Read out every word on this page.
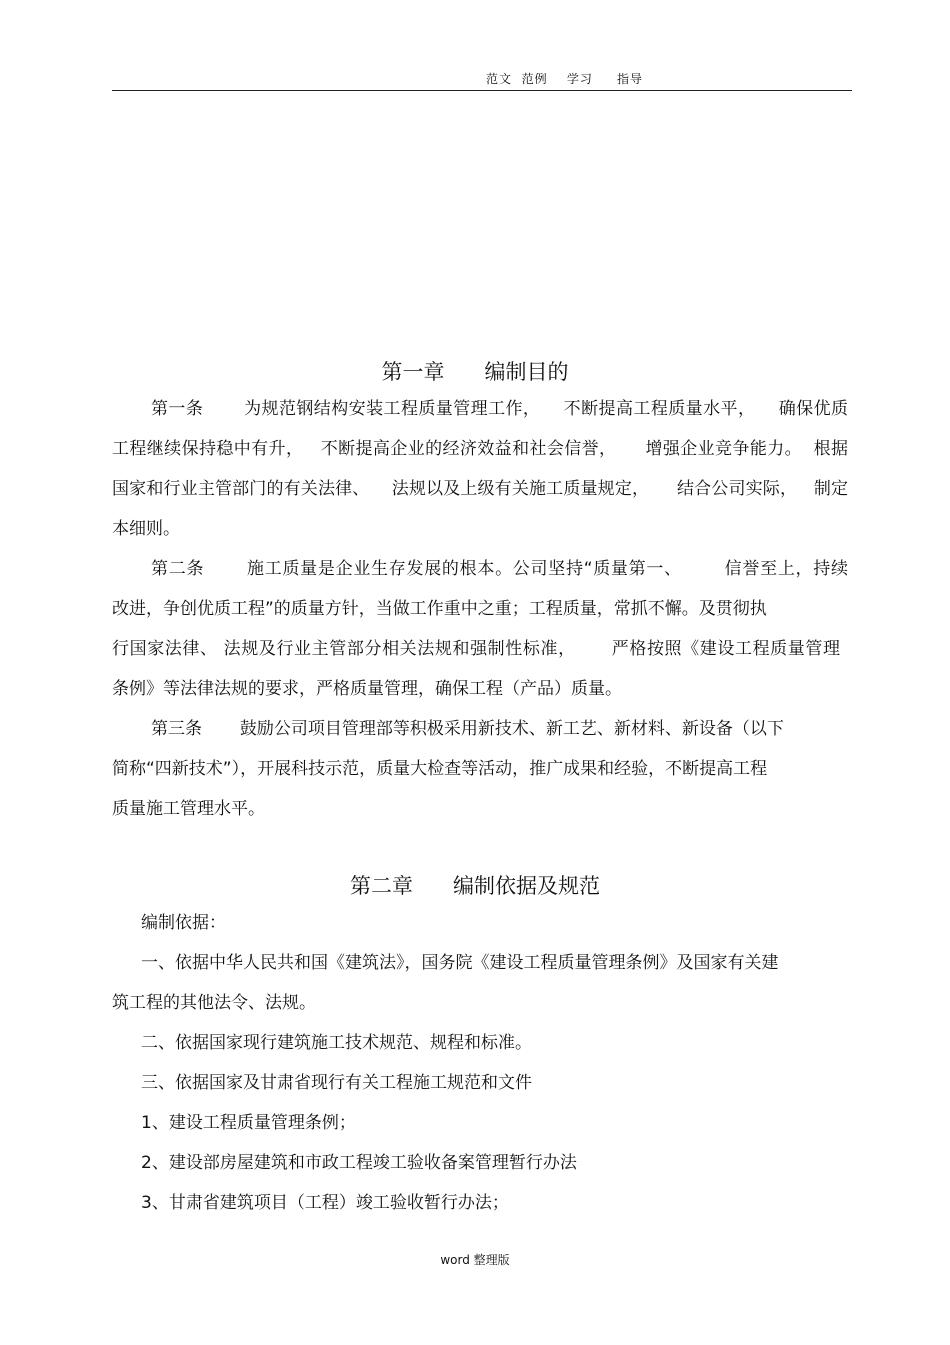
范文  范例    学习     指导
第一章      编制目的
第一条       为规范钢结构安装工程质量管理工作，    不断提高工程质量水平，    确保优质
工程继续保持稳中有升，   不断提高企业的经济效益和社会信誉，     增强企业竞争能力。  根据
国家和行业主管部门的有关法律、    法规以及上级有关施工质量规定，     结合公司实际，   制定
本细则。
第二条       施工质量是企业生存发展的根本。公司坚持“质量第一、       信誉至上，持续
改进，争创优质工程”的质量方针，当做工作重中之重；工程质量，常抓不懈。及贯彻执
行国家法律、 法规及行业主管部分相关法规和强制性标准，      严格按照《建设工程质量管理
条例》等法律法规的要求，严格质量管理，确保工程（产品）质量。
第三条       鼓励公司项目管理部等积极采用新技术、新工艺、新材料、新设备（以下
简称“四新技术”），开展科技示范，质量大检查等活动，推广成果和经验，不断提高工程
质量施工管理水平。
第二章      编制依据及规范
编制依据：
一、依据中华人民共和国《建筑法》，国务院《建设工程质量管理条例》及国家有关建
筑工程的其他法令、法规。
二、依据国家现行建筑施工技术规范、规程和标准。
三、依据国家及甘肃省现行有关工程施工规范和文件
1、建设工程质量管理条例；
2、建设部房屋建筑和市政工程竣工验收备案管理暂行办法
3、甘肃省建筑项目（工程）竣工验收暂行办法；
word 整理版
